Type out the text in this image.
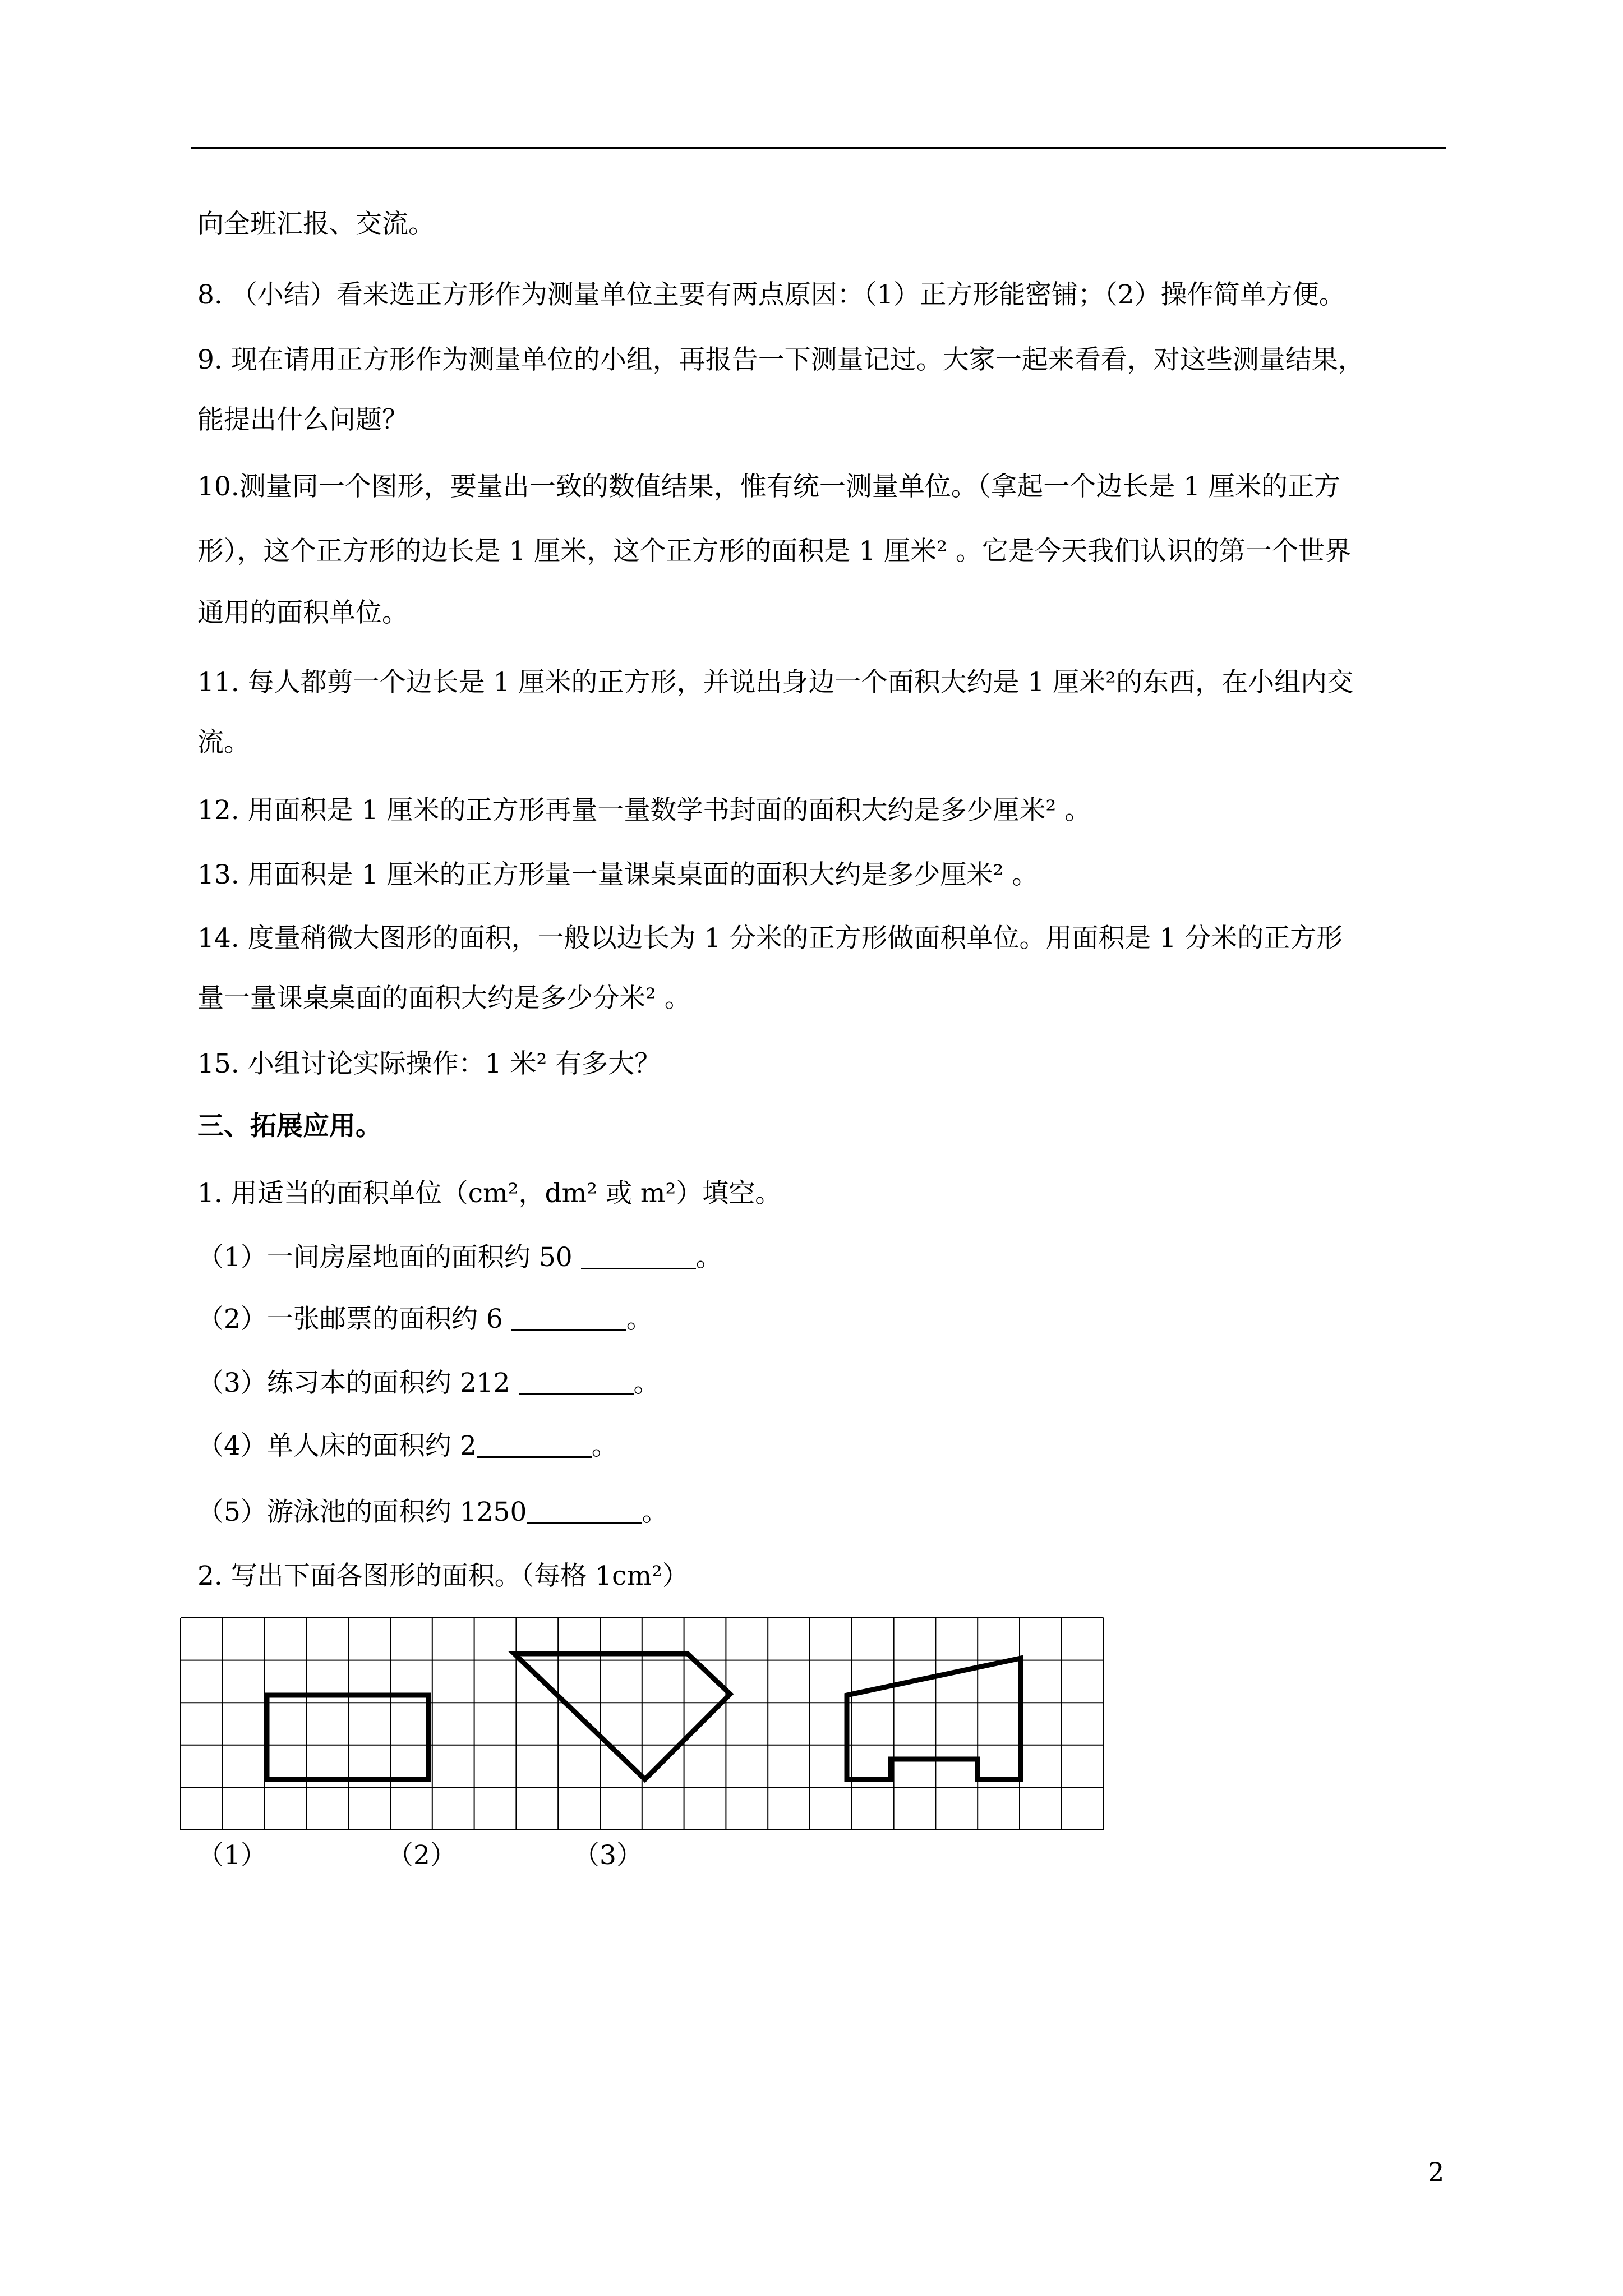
向全班汇报、交流。
8. （小结）看来选正方形作为测量单位主要有两点原因：（1）正方形能密铺；（2）操作简单方便。
9. 现在请用正方形作为测量单位的小组，再报告一下测量记过。大家一起来看看，对这些测量结果，
能提出什么问题？
10.测量同一个图形，要量出一致的数值结果，惟有统一测量单位。（拿起一个边长是 1 厘米的正方
形），这个正方形的边长是 1 厘米，这个正方形的面积是 1 厘米² 。它是今天我们认识的第一个世界
通用的面积单位。
11. 每人都剪一个边长是 1 厘米的正方形，并说出身边一个面积大约是 1 厘米²的东西，在小组内交
流。
12. 用面积是 1 厘米的正方形再量一量数学书封面的面积大约是多少厘米² 。
13. 用面积是 1 厘米的正方形量一量课桌桌面的面积大约是多少厘米² 。
14. 度量稍微大图形的面积，一般以边长为 1 分米的正方形做面积单位。用面积是 1 分米的正方形
量一量课桌桌面的面积大约是多少分米² 。
15. 小组讨论实际操作：1 米² 有多大？
三、拓展应用。
1. 用适当的面积单位（cm²，dm² 或 m²）填空。
（1）一间房屋地面的面积约 50	。
（2）一张邮票的面积约 6	。
（3）练习本的面积约 212	。
（4）单人床的面积约 2	。
（5）游泳池的面积约 1250	。
2. 写出下面各图形的面积。（每格 1cm²）
（1）	（2）	（3）
2
